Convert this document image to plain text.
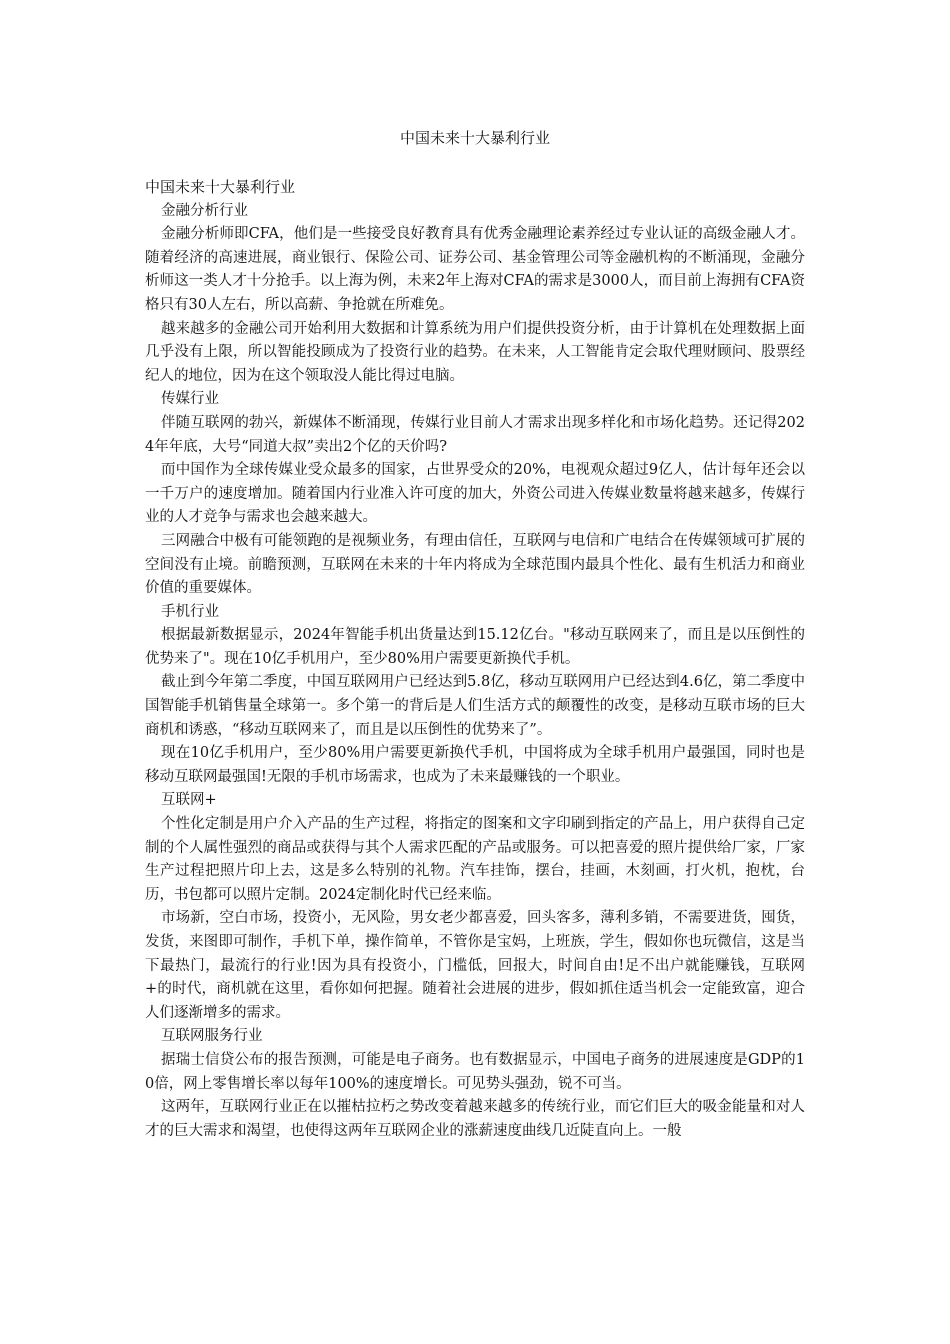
中国未来十大暴利行业

中国未来十大暴利行业

金融分析行业

金融分析师即CFA，他们是一些接受良好教育具有优秀金融理论素养经过专业认证的高级金融人才。随着经济的高速进展，商业银行、保险公司、证券公司、基金管理公司等金融机构的不断涌现，金融分析师这一类人才十分抢手。以上海为例，未来2年上海对CFA的需求是3000人，而目前上海拥有CFA资格只有30人左右，所以高薪、争抢就在所难免。

越来越多的金融公司开始利用大数据和计算系统为用户们提供投资分析，由于计算机在处理数据上面几乎没有上限，所以智能投顾成为了投资行业的趋势。在未来，人工智能肯定会取代理财顾问、股票经纪人的地位，因为在这个领取没人能比得过电脑。

传媒行业

伴随互联网的勃兴，新媒体不断涌现，传媒行业目前人才需求出现多样化和市场化趋势。还记得2024年年底，大号“同道大叔”卖出2个亿的天价吗?

而中国作为全球传媒业受众最多的国家，占世界受众的20%，电视观众超过9亿人，估计每年还会以一千万户的速度增加。随着国内行业准入许可度的加大，外资公司进入传媒业数量将越来越多，传媒行业的人才竞争与需求也会越来越大。

三网融合中极有可能领跑的是视频业务，有理由信任，互联网与电信和广电结合在传媒领域可扩展的空间没有止境。前瞻预测，互联网在未来的十年内将成为全球范围内最具个性化、最有生机活力和商业价值的重要媒体。

手机行业

根据最新数据显示，2024年智能手机出货量达到15.12亿台。"移动互联网来了，而且是以压倒性的优势来了"。现在10亿手机用户，至少80%用户需要更新换代手机。

截止到今年第二季度，中国互联网用户已经达到5.8亿，移动互联网用户已经达到4.6亿，第二季度中国智能手机销售量全球第一。多个第一的背后是人们生活方式的颠覆性的改变，是移动互联市场的巨大商机和诱惑，“移动互联网来了，而且是以压倒性的优势来了”。

现在10亿手机用户，至少80%用户需要更新换代手机，中国将成为全球手机用户最强国，同时也是移动互联网最强国!无限的手机市场需求，也成为了未来最赚钱的一个职业。

互联网+

个性化定制是用户介入产品的生产过程，将指定的图案和文字印刷到指定的产品上，用户获得自己定制的个人属性强烈的商品或获得与其个人需求匹配的产品或服务。可以把喜爱的照片提供给厂家，厂家生产过程把照片印上去，这是多么特别的礼物。汽车挂饰，摆台，挂画，木刻画，打火机，抱枕，台历，书包都可以照片定制。2024定制化时代已经来临。

市场新，空白市场，投资小，无风险，男女老少都喜爱，回头客多，薄利多销，不需要进货，囤货，发货，来图即可制作，手机下单，操作简单，不管你是宝妈，上班族，学生，假如你也玩微信，这是当下最热门，最流行的行业!因为具有投资小，门槛低，回报大，时间自由!足不出户就能赚钱，互联网+的时代，商机就在这里，看你如何把握。随着社会进展的进步，假如抓住适当机会一定能致富，迎合人们逐渐增多的需求。

互联网服务行业

据瑞士信贷公布的报告预测，可能是电子商务。也有数据显示，中国电子商务的进展速度是GDP的10倍，网上零售增长率以每年100%的速度增长。可见势头强劲，锐不可当。

这两年，互联网行业正在以摧枯拉朽之势改变着越来越多的传统行业，而它们巨大的吸金能量和对人才的巨大需求和渴望，也使得这两年互联网企业的涨薪速度曲线几近陡直向上。一般
